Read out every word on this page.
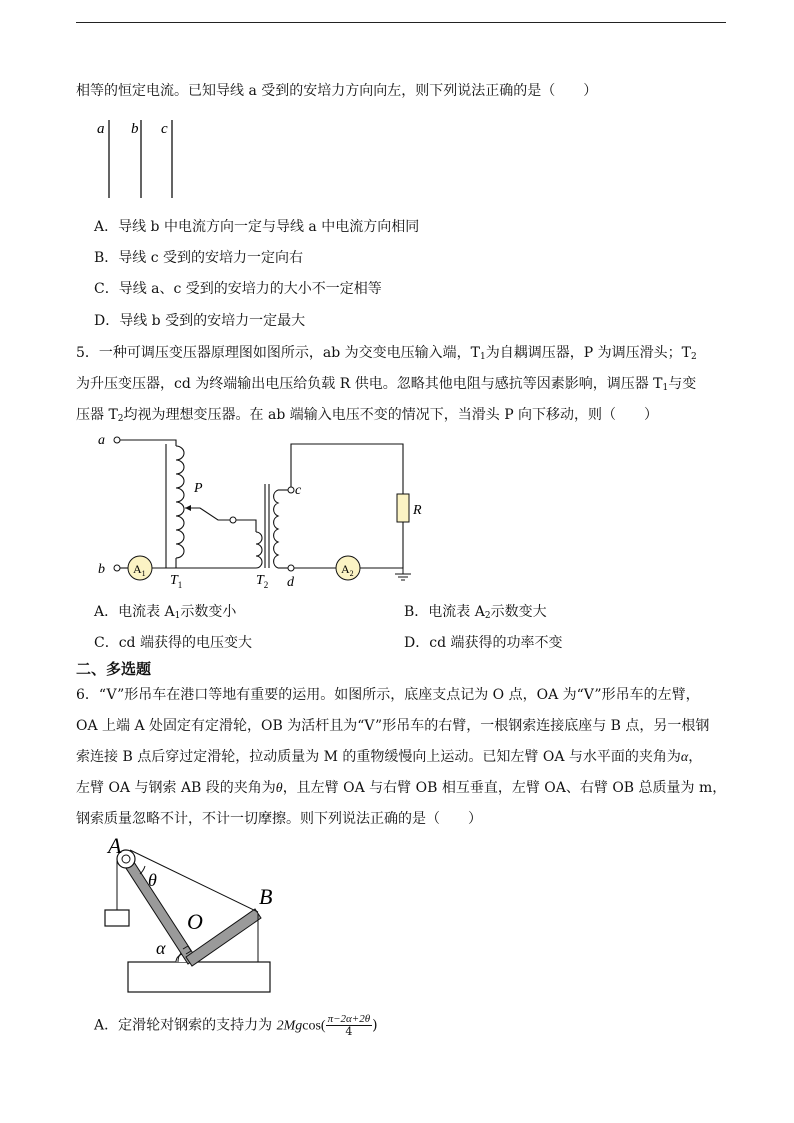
相等的恒定电流。已知导线 a 受到的安培力方向向左，则下列说法正确的是（　　）
a b c
A．导线 b 中电流方向一定与导线 a 中电流方向相同
B．导线 c 受到的安培力一定向右
C．导线 a、c 受到的安培力的大小不一定相等
D．导线 b 受到的安培力一定最大
5．一种可调压变压器原理图如图所示，ab 为交变电压输入端，$T_1$为自耦调压器，P 为调压滑头；$T_2$
为升压变压器，cd 为终端输出电压给负载 R 供电。忽略其他电阻与感抗等因素影响，调压器 $T_1$与变
压器 $T_2$均视为理想变压器。在 ab 端输入电压不变的情况下，当滑头 P 向下移动，则（　　）
a
b $A_1$
P	c
d
R
$A_2$
$T_1$	$T_2$
A．电流表 $A_1$示数变小	B．电流表 $A_2$示数变大
C．cd 端获得的电压变大	D．cd 端获得的功率不变
二、多选题
6．“V”形吊车在港口等地有重要的运用。如图所示，底座支点记为 O 点，OA 为“V”形吊车的左臂，
OA 上端 A 处固定有定滑轮，OB 为活杆且为“V”形吊车的右臂，一根钢索连接底座与 B 点，另一根钢
索连接 B 点后穿过定滑轮，拉动质量为 M 的重物缓慢向上运动。已知左臂 OA 与水平面的夹角为α，
左臂 OA 与钢索 AB 段的夹角为θ，且左臂 OA 与右臂 OB 相互垂直，左臂 OA、右臂 OB 总质量为 m，
钢索质量忽略不计，不计一切摩擦。则下列说法正确的是（　　）
A
θ
B
O
α
A．定滑轮对钢索的支持力为 $2Mgcos( \frac{\pi-2\alpha+2\theta}{4}$ )
